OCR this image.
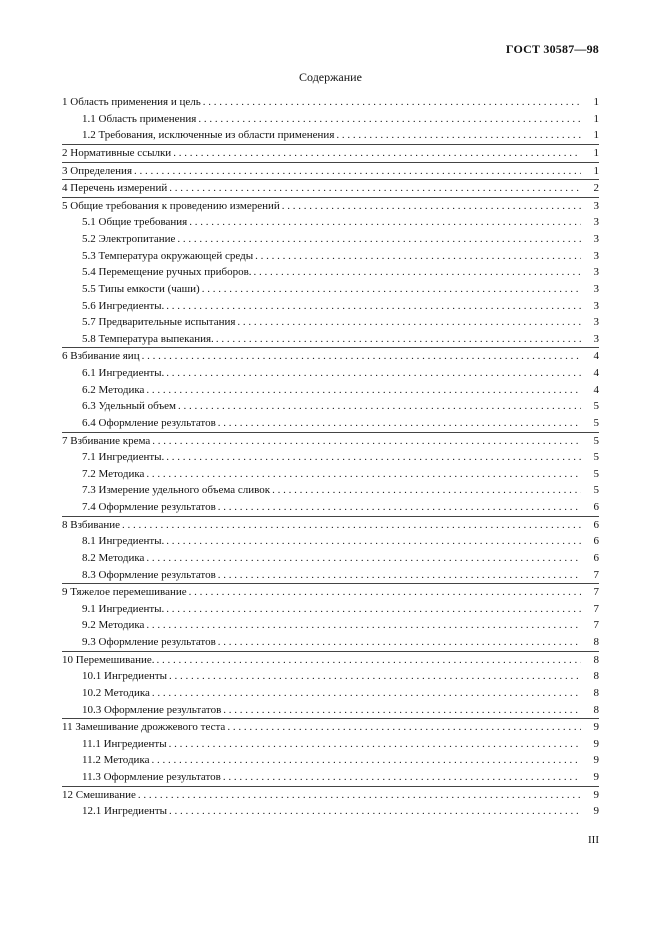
ГОСТ 30587—98
Содержание
1 Область применения и цель . . .	1
1.1 Область применения . . .	1
1.2 Требования, исключенные из области применения . . .	1
2 Нормативные ссылки . . .	1
3 Определения . . .	1
4 Перечень измерений . . .	2
5 Общие требования к проведению измерений . . .	3
5.1 Общие требования . . .	3
5.2 Электропитание . . .	3
5.3 Температура окружающей среды . . .	3
5.4 Перемещение ручных приборов. . . .	3
5.5 Типы емкости (чаши) . . .	3
5.6 Ингредиенты. . . .	3
5.7 Предварительные испытания . . .	3
5.8 Температура выпекания. . . .	3
6 Взбивание яиц . . .	4
6.1 Ингредиенты. . . .	4
6.2 Методика . . .	4
6.3 Удельный объем . . .	5
6.4 Оформление результатов . . .	5
7 Взбивание крема . . .	5
7.1 Ингредиенты. . . .	5
7.2 Методика . . .	5
7.3 Измерение удельного объема сливок . . .	5
7.4 Оформление результатов . . .	6
8 Взбивание . . .	6
8.1 Ингредиенты. . . .	6
8.2 Методика . . .	6
8.3 Оформление результатов . . .	7
9 Тяжелое перемешивание . . .	7
9.1 Ингредиенты. . . .	7
9.2 Методика . . .	7
9.3 Оформление результатов . . .	8
10 Перемешивание. . . .	8
10.1 Ингредиенты . . .	8
10.2 Методика . . .	8
10.3 Оформление результатов . . .	8
11 Замешивание дрожжевого теста . . .	9
11.1 Ингредиенты . . .	9
11.2 Методика . . .	9
11.3 Оформление результатов . . .	9
12 Смешивание . . .	9
12.1 Ингредиенты . . .	9
III
